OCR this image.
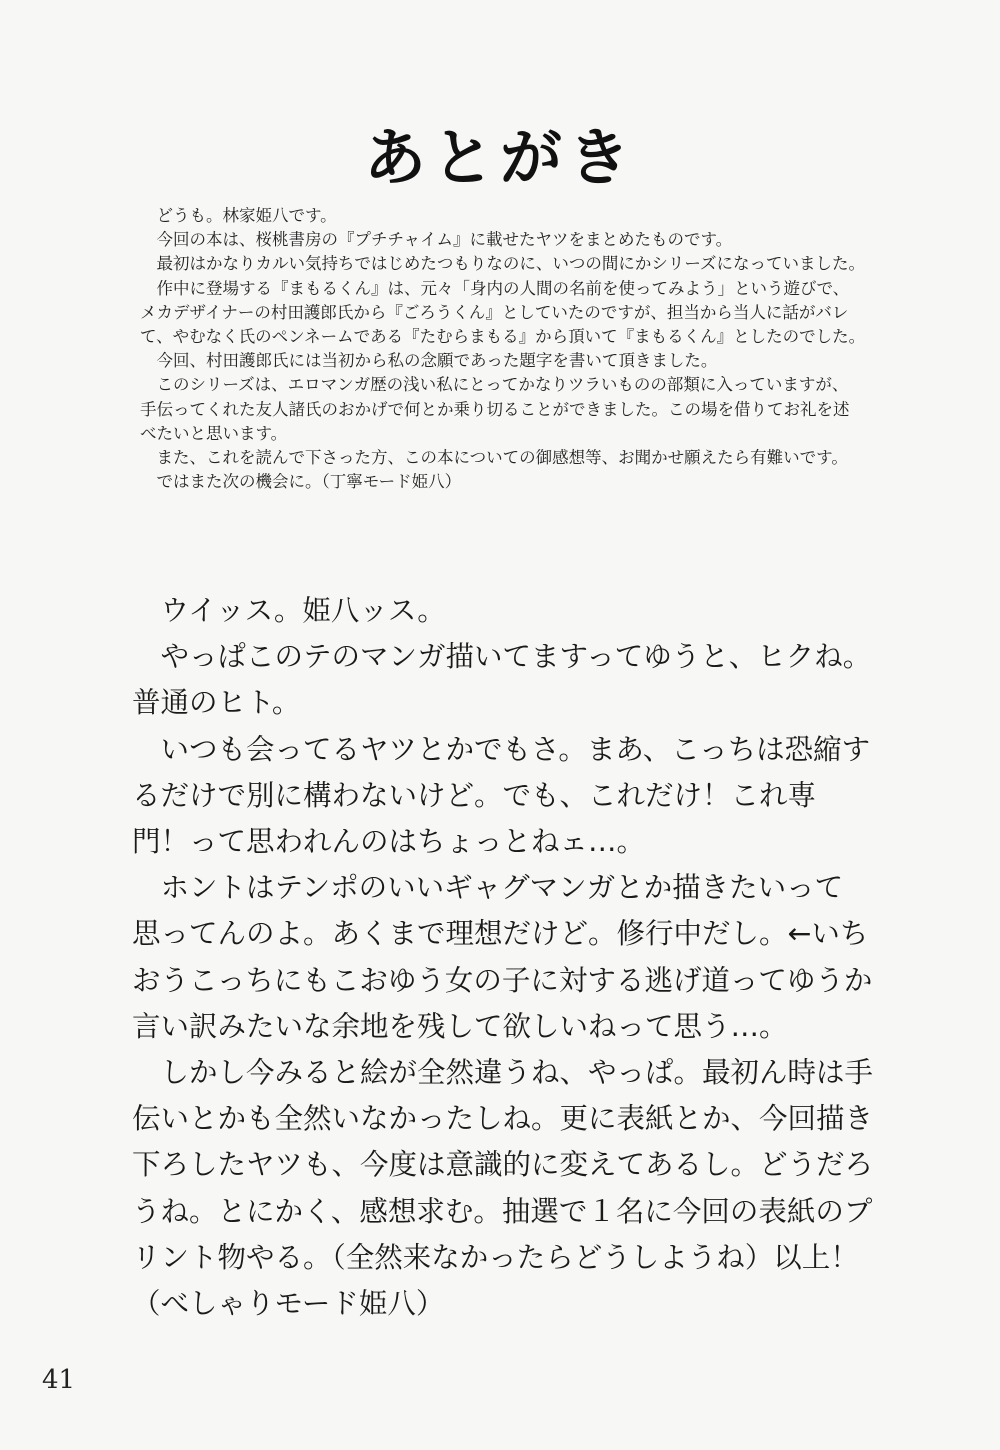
あとがき

　どうも。林家姫八です。

　今回の本は、桜桃書房の『プチチャイム』に載せたヤツをまとめたものです。

　最初はかなりカルい気持ちではじめたつもりなのに、いつの間にかシリーズになっていました。

　作中に登場する『まもるくん』は、元々「身内の人間の名前を使ってみよう」という遊びで、

メカデザイナーの村田護郎氏から『ごろうくん』としていたのですが、担当から当人に話がバレ

て、やむなく氏のペンネームである『たむらまもる』から頂いて『まもるくん』としたのでした。

　今回、村田護郎氏には当初から私の念願であった題字を書いて頂きました。

　このシリーズは、エロマンガ歴の浅い私にとってかなりツラいものの部類に入っていますが、

手伝ってくれた友人諸氏のおかげで何とか乗り切ることができました。この場を借りてお礼を述

べたいと思います。

　また、これを読んで下さった方、この本についての御感想等、お聞かせ願えたら有難いです。

　ではまた次の機会に。（丁寧モード姫八）

　ウイッス。姫八ッス。

　やっぱこのテのマンガ描いてますってゆうと、ヒクね。

普通のヒト。

　いつも会ってるヤツとかでもさ。まあ、こっちは恐縮す

るだけで別に構わないけど。でも、これだけ！これ専

門！って思われんのはちょっとねェ…。

　ホントはテンポのいいギャグマンガとか描きたいって

思ってんのよ。あくまで理想だけど。修行中だし。←いち

おうこっちにもこおゆう女の子に対する逃げ道ってゆうか

言い訳みたいな余地を残して欲しいねって思う…。

　しかし今みると絵が全然違うね、やっぱ。最初ん時は手

伝いとかも全然いなかったしね。更に表紙とか、今回描き

下ろしたヤツも、今度は意識的に変えてあるし。どうだろ

うね。とにかく、感想求む。抽選で１名に今回の表紙のプ

リント物やる。（全然来なかったらどうしようね）以上！

（べしゃりモード姫八）

41
